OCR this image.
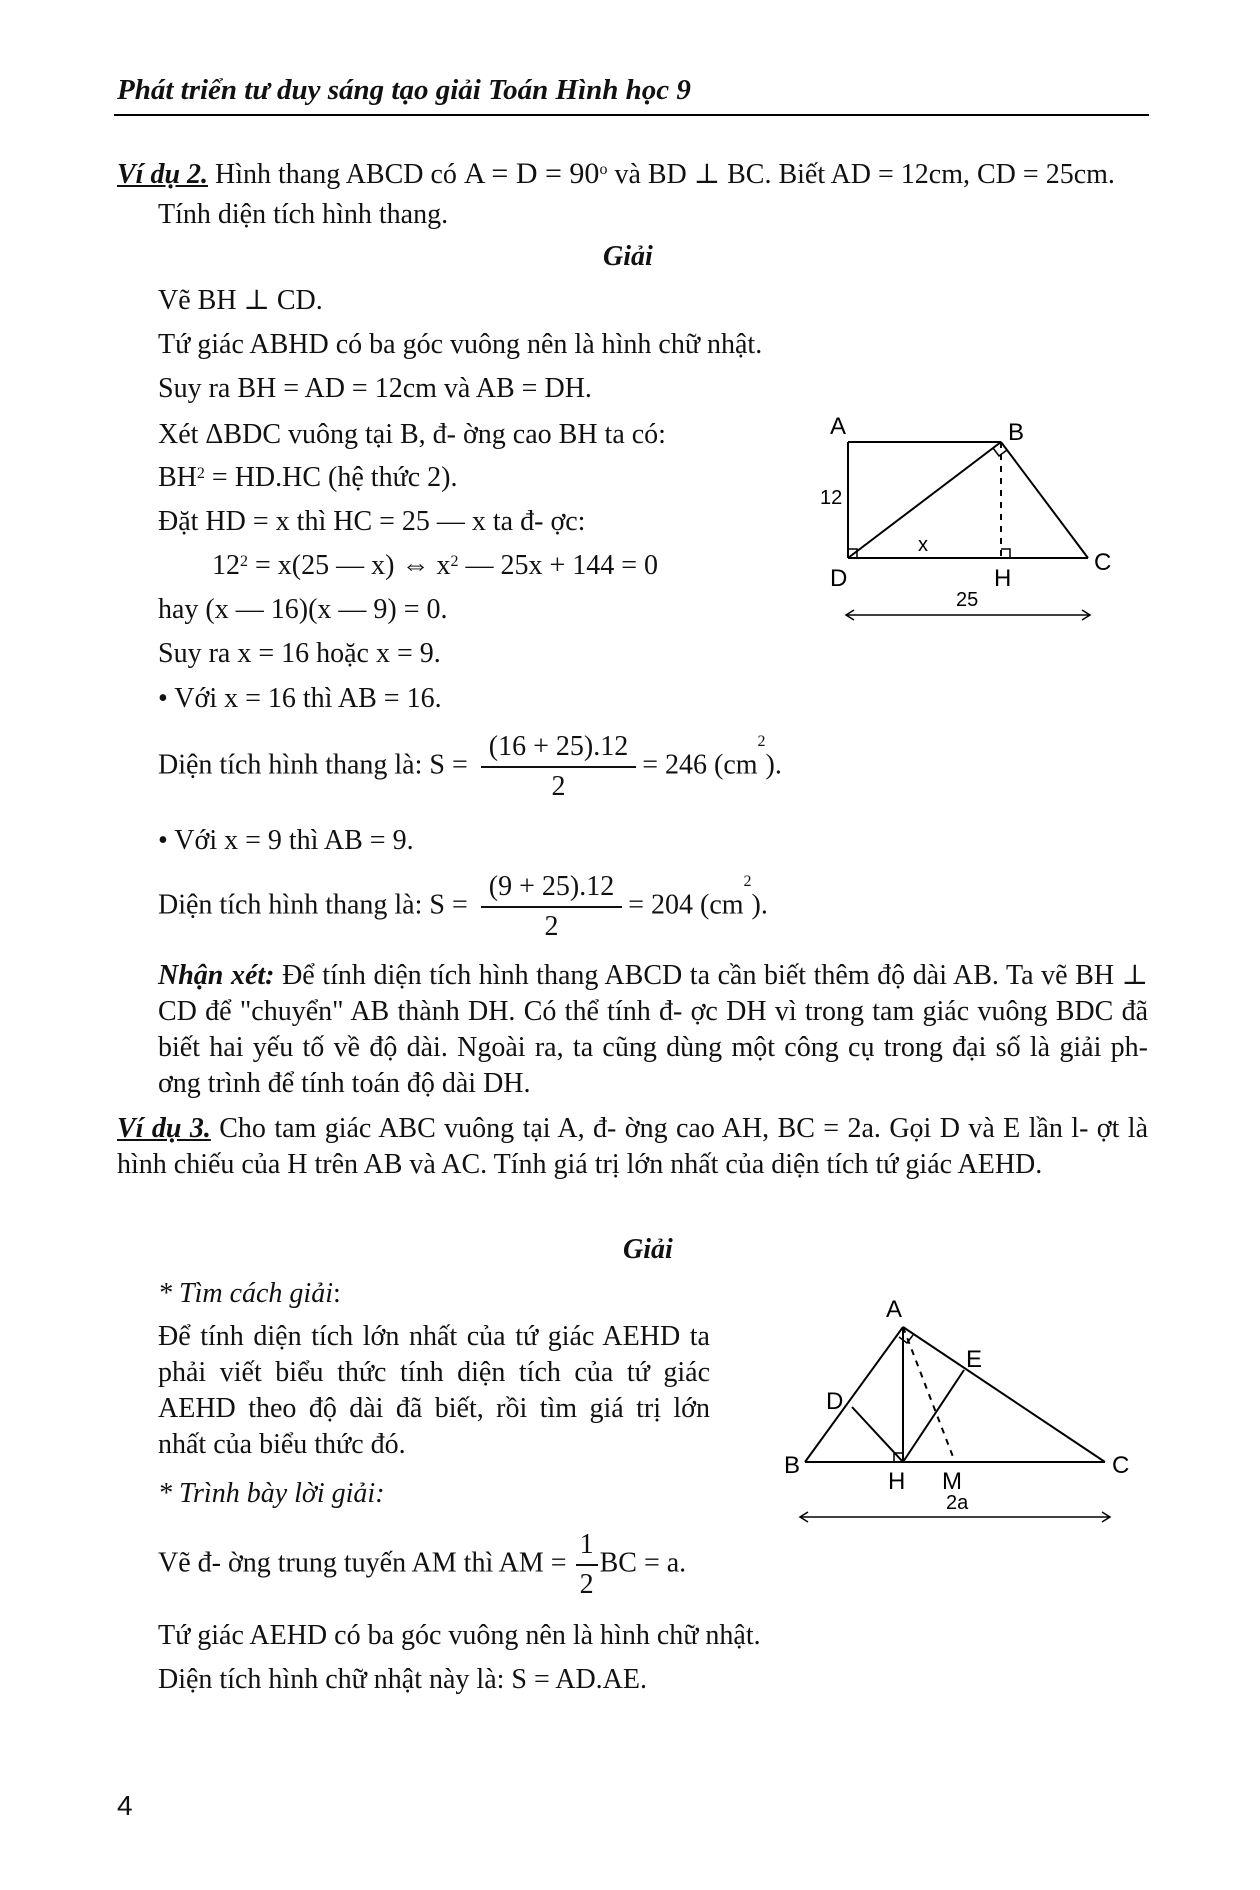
Phát triển tư duy sáng tạo giải Toán Hình học 9
Ví dụ 2. Hình thang ABCD có $A = D = 90^o$ và BD ⊥ BC. Biết AD = 12cm, CD = 25cm.
Tính diện tích hình thang.
Giải
Vẽ BH ⊥ CD.
Tứ giác ABHD có ba góc vuông nên là hình chữ nhật.
Suy ra BH = AD = 12cm và AB = DH.
Xét ΔBDC vuông tại B, đ- ờng cao BH ta có:
$BH^2 = HD.HC$ (hệ thức 2).
Đặt HD = x thì HC = 25 — x ta đ- ợc:
$12^2 = x(25$ — x) ⇔ $x^2$ — 25x + 144 = 0
hay (x — 16)(x — 9) = 0.
Suy ra x = 16 hoặc x = 9.
• Với x = 16 thì AB = 16.
Diện tích hình thang là: $S = \frac{(16 + 25).12}{2} = 246$ $(cm^2)$.
• Với x = 9 thì AB = 9.
Diện tích hình thang là: $S = \frac{(9 + 25).12}{2} = 204$ $(cm^2)$.
Nhận xét: Để tính diện tích hình thang ABCD ta cần biết thêm độ dài AB. Ta vẽ BH ⊥ CD để "chuyển" AB thành DH. Có thể tính đ- ợc DH vì trong tam giác vuông BDC đã biết hai yếu tố về độ dài. Ngoài ra, ta cũng dùng một công cụ trong đại số là giải ph- ơng trình để tính toán độ dài DH.
A	B
C
D	H
12
x
25
Ví dụ 3. Cho tam giác ABC vuông tại A, đ- ờng cao AH, BC = 2a. Gọi D và E lần l- ợt là hình chiếu của H trên AB và AC. Tính giá trị lớn nhất của diện tích tứ giác AEHD.
Giải
* Tìm cách giải:
Để tính diện tích lớn nhất của tứ giác AEHD ta phải viết biểu thức tính diện tích của tứ giác AEHD theo độ dài đã biết, rồi tìm giá trị lớn nhất của biểu thức đó.
* Trình bày lời giải:
Vẽ đ- ờng trung tuyến AM thì AM = $\frac{1}{2}$ BC = a.
Tứ giác AEHD có ba góc vuông nên là hình chữ nhật.
Diện tích hình chữ nhật này là: S = AD.AE.
A
B	C
D
E
H M
2a
4
